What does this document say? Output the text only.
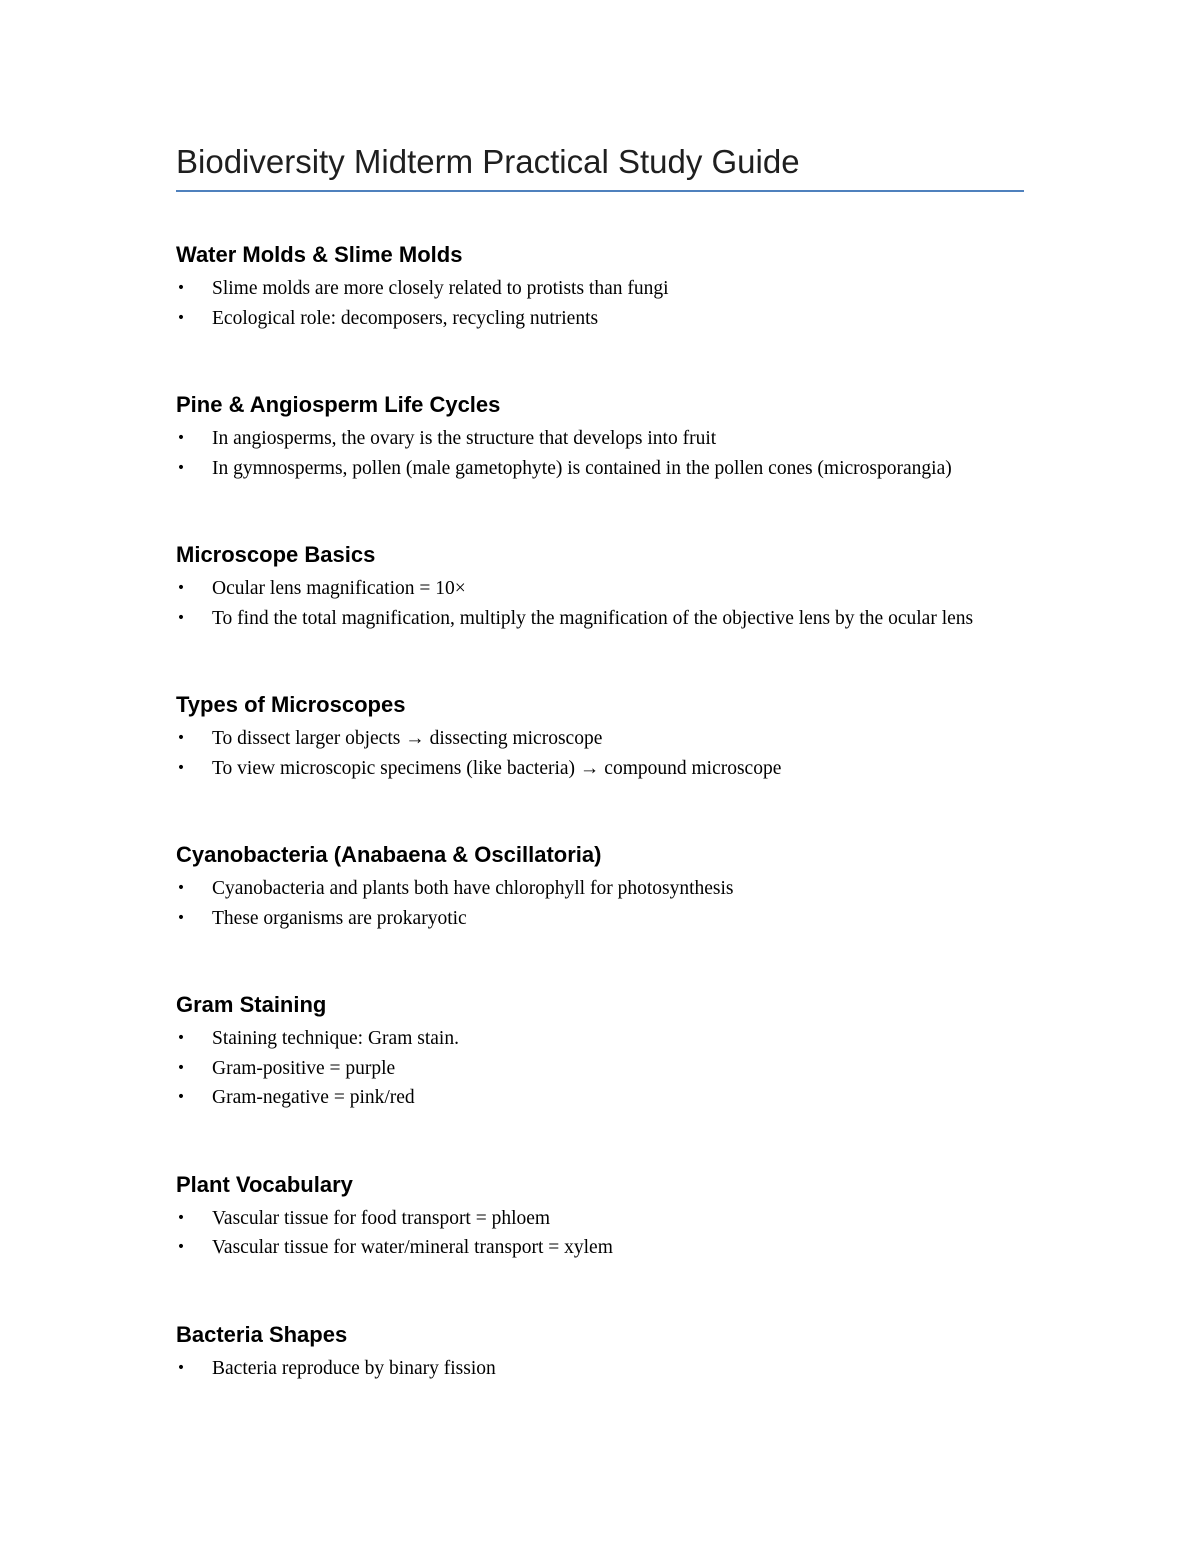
Biodiversity Midterm Practical Study Guide
Water Molds & Slime Molds
• Slime molds are more closely related to protists than fungi
• Ecological role: decomposers, recycling nutrients
Pine & Angiosperm Life Cycles
• In angiosperms, the ovary is the structure that develops into fruit
• In gymnosperms, pollen (male gametophyte) is contained in the pollen cones (microsporangia)
Microscope Basics
• Ocular lens magnification = 10×
• To find the total magnification, multiply the magnification of the objective lens by the ocular lens
Types of Microscopes
• To dissect larger objects → dissecting microscope
• To view microscopic specimens (like bacteria) → compound microscope
Cyanobacteria (Anabaena & Oscillatoria)
• Cyanobacteria and plants both have chlorophyll for photosynthesis
• These organisms are prokaryotic
Gram Staining
• Staining technique: Gram stain.
• Gram-positive = purple
• Gram-negative = pink/red
Plant Vocabulary
• Vascular tissue for food transport = phloem
• Vascular tissue for water/mineral transport = xylem
Bacteria Shapes
• Bacteria reproduce by binary fission
